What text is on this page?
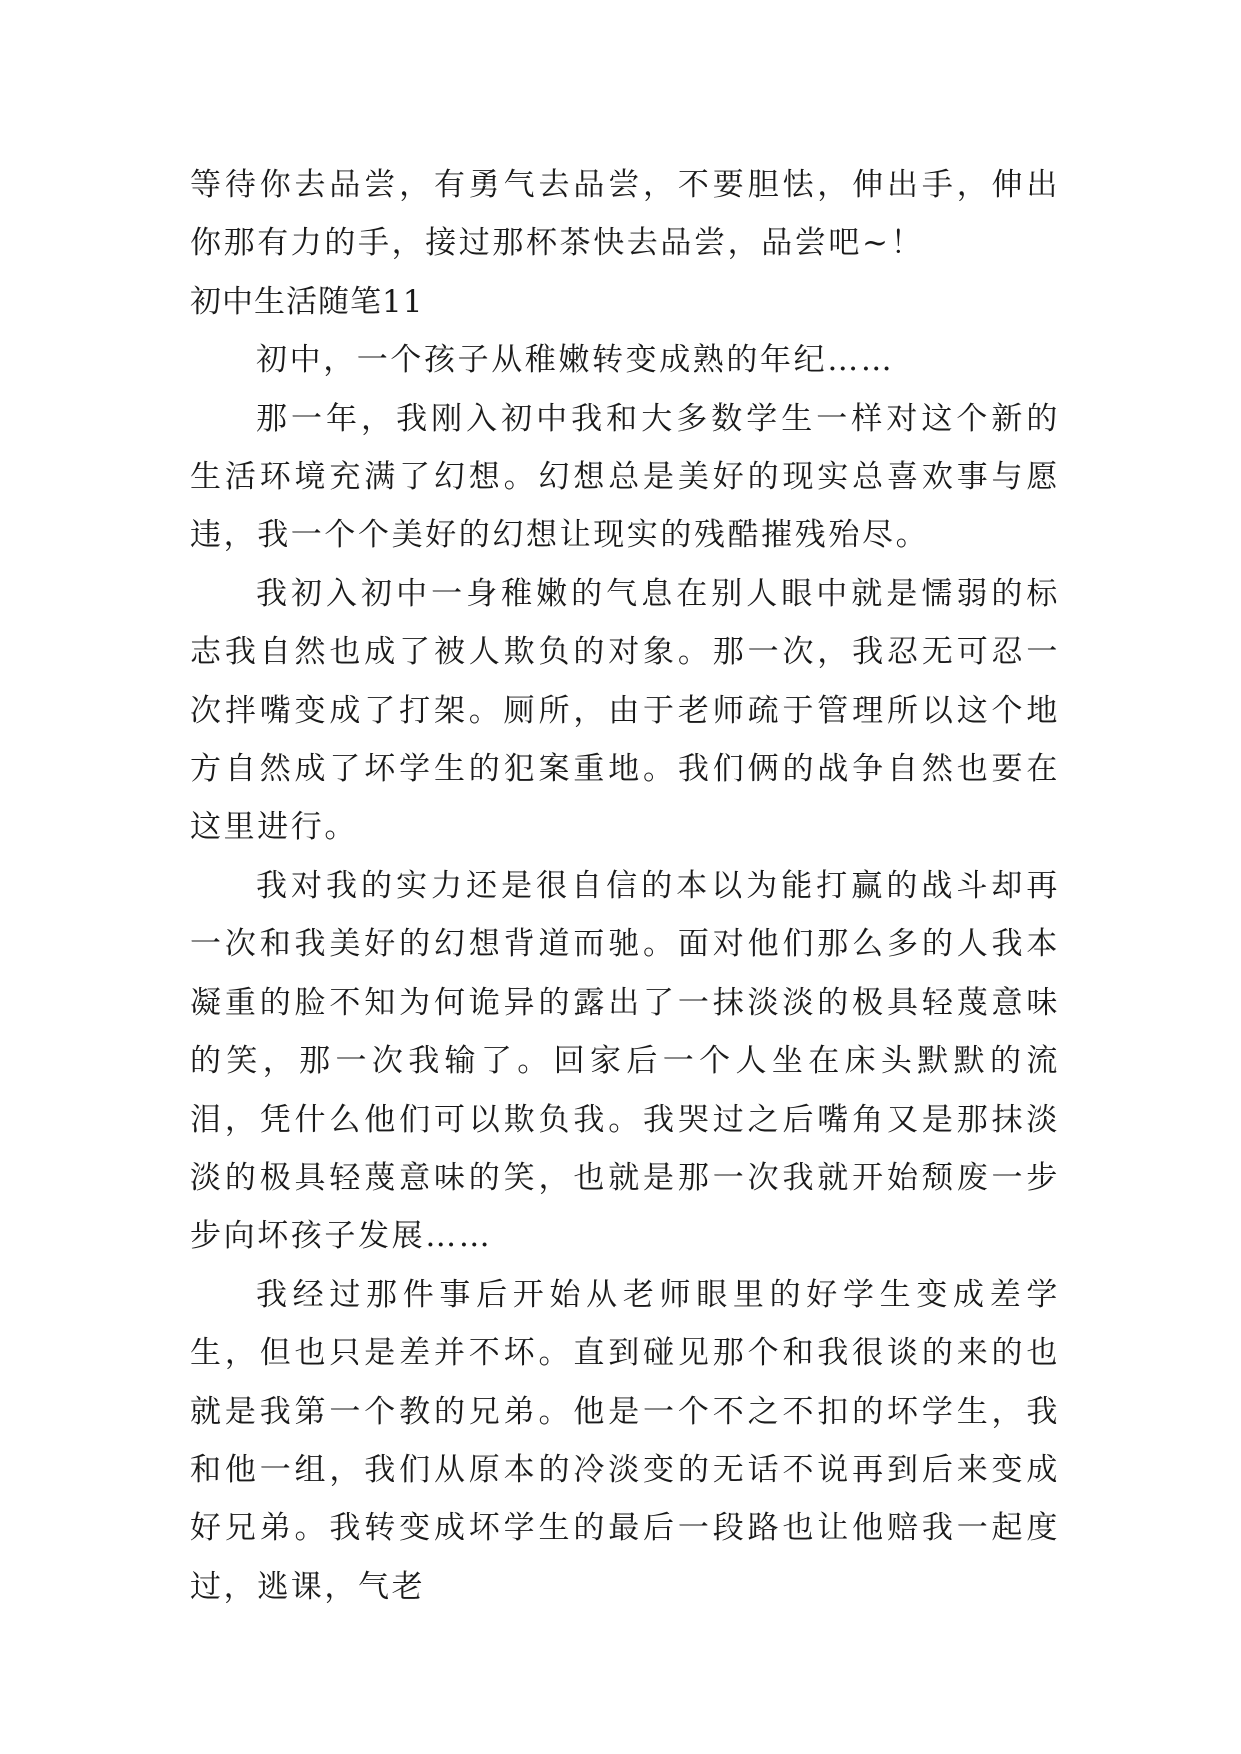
等待你去品尝，有勇气去品尝，不要胆怯，伸出手，伸出你那有力的手，接过那杯茶快去品尝，品尝吧~！

初中生活随笔11

初中，一个孩子从稚嫩转变成熟的年纪……

那一年，我刚入初中我和大多数学生一样对这个新的生活环境充满了幻想。幻想总是美好的现实总喜欢事与愿违，我一个个美好的幻想让现实的残酷摧残殆尽。

我初入初中一身稚嫩的气息在别人眼中就是懦弱的标志我自然也成了被人欺负的对象。那一次，我忍无可忍一次拌嘴变成了打架。厕所，由于老师疏于管理所以这个地方自然成了坏学生的犯案重地。我们俩的战争自然也要在这里进行。

我对我的实力还是很自信的本以为能打赢的战斗却再一次和我美好的幻想背道而驰。面对他们那么多的人我本凝重的脸不知为何诡异的露出了一抹淡淡的极具轻蔑意味的笑，那一次我输了。回家后一个人坐在床头默默的流泪，凭什么他们可以欺负我。我哭过之后嘴角又是那抹淡淡的极具轻蔑意味的笑，也就是那一次我就开始颓废一步步向坏孩子发展……

我经过那件事后开始从老师眼里的好学生变成差学生，但也只是差并不坏。直到碰见那个和我很谈的来的也就是我第一个教的兄弟。他是一个不之不扣的坏学生，我和他一组，我们从原本的冷淡变的无话不说再到后来变成好兄弟。我转变成坏学生的最后一段路也让他赔我一起度过，逃课，气老
